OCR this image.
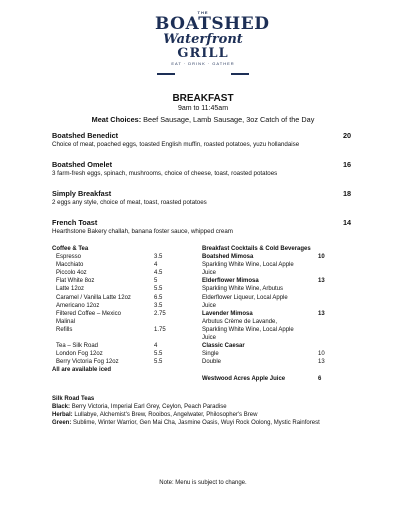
THE
BOATSHED
Waterfront
GRILL
EAT · DRINK · GATHER
BREAKFAST
9am to 11:45am
Meat Choices: Beef Sausage, Lamb Sausage, 3oz Catch of the Day
Boatshed Benedict	20
Choice of meat, poached eggs, toasted English muffin, roasted potatoes, yuzu hollandaise
Boatshed Omelet	16
3 farm-fresh eggs, spinach, mushrooms, choice of cheese, toast, roasted potatoes
Simply Breakfast	18
2 eggs any style, choice of meat, toast, roasted potatoes
French Toast	14
Hearthstone Bakery challah, banana foster sauce, whipped cream
Coffee & Tea
Espresso	3.5
Macchiato	4
Piccolo 4oz	4.5
Flat White 8oz	5
Latte 12oz	5.5
Caramel / Vanilla Latte 12oz	6.5
Americano 12oz	3.5
Filtered Coffee – Mexico	2.75
Malinal
Refills	1.75
Tea – Silk Road	4
London Fog 12oz	5.5
Berry Victoria Fog 12oz	5.5
All are available iced
Breakfast Cocktails & Cold Beverages
Boatshed Mimosa	10
Sparkling White Wine, Local Apple
Juice
Elderflower Mimosa	13
Sparkling White Wine, Arbutus
Elderflower Liqueur, Local Apple
Juice
Lavender Mimosa	13
Arbutus Crème de Lavande,
Sparkling White Wine, Local Apple
Juice
Classic Caesar
Single	10
Double	13
Westwood Acres Apple Juice	6
Silk Road Teas
Black: Berry Victoria, Imperial Earl Grey, Ceylon, Peach Paradise
Herbal: Lullabye, Alchemist's Brew, Rooibos, Angelwater, Philosopher's Brew
Green: Sublime, Winter Warrior, Gen Mai Cha, Jasmine Oasis, Wuyi Rock Oolong, Mystic Rainforest
Note: Menu is subject to change.
